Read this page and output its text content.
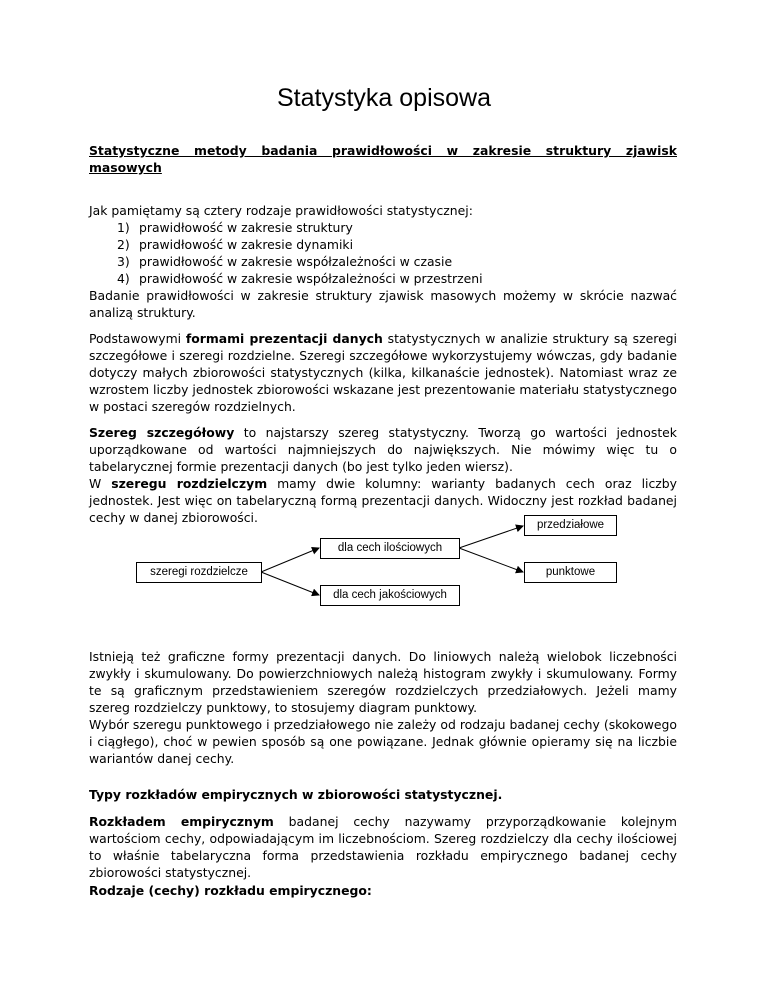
Statystyka opisowa
Statystyczne metody badania prawidłowości w zakresie struktury zjawisk
masowych
Jak pamiętamy są cztery rodzaje prawidłowości statystycznej:
1) prawidłowość w zakresie struktury
2) prawidłowość w zakresie dynamiki
3) prawidłowość w zakresie współzależności w czasie
4) prawidłowość w zakresie współzależności w przestrzeni
Badanie prawidłowości w zakresie struktury zjawisk masowych możemy w skrócie nazwać analizą struktury.
Podstawowymi formami prezentacji danych statystycznych w analizie struktury są szeregi szczegółowe i szeregi rozdzielne. Szeregi szczegółowe wykorzystujemy wówczas, gdy badanie dotyczy małych zbiorowości statystycznych (kilka, kilkanaście jednostek). Natomiast wraz ze wzrostem liczby jednostek zbiorowości wskazane jest prezentowanie materiału statystycznego w postaci szeregów rozdzielnych.
Szereg szczegółowy to najstarszy szereg statystyczny. Tworzą go wartości jednostek uporządkowane od wartości najmniejszych do największych. Nie mówimy więc tu o tabelarycznej formie prezentacji danych (bo jest tylko jeden wiersz).
W szeregu rozdzielczym mamy dwie kolumny: warianty badanych cech oraz liczby jednostek. Jest więc on tabelaryczną formą prezentacji danych. Widoczny jest rozkład badanej cechy w danej zbiorowości.
szeregi rozdzielcze
dla cech ilościowych
dla cech jakościowych
przedziałowe
punktowe
Istnieją też graficzne formy prezentacji danych. Do liniowych należą wielobok liczebności zwykły i skumulowany. Do powierzchniowych należą histogram zwykły i skumulowany. Formy te są graficznym przedstawieniem szeregów rozdzielczych przedziałowych. Jeżeli mamy szereg rozdzielczy punktowy, to stosujemy diagram punktowy.
Wybór szeregu punktowego i przedziałowego nie zależy od rodzaju badanej cechy (skokowego i ciągłego), choć w pewien sposób są one powiązane. Jednak głównie opieramy się na liczbie wariantów danej cechy.
Typy rozkładów empirycznych w zbiorowości statystycznej.
Rozkładem empirycznym badanej cechy nazywamy przyporządkowanie kolejnym wartościom cechy, odpowiadającym im liczebnościom. Szereg rozdzielczy dla cechy ilościowej to właśnie tabelaryczna forma przedstawienia rozkładu empirycznego badanej cechy zbiorowości statystycznej.
Rodzaje (cechy) rozkładu empirycznego:
